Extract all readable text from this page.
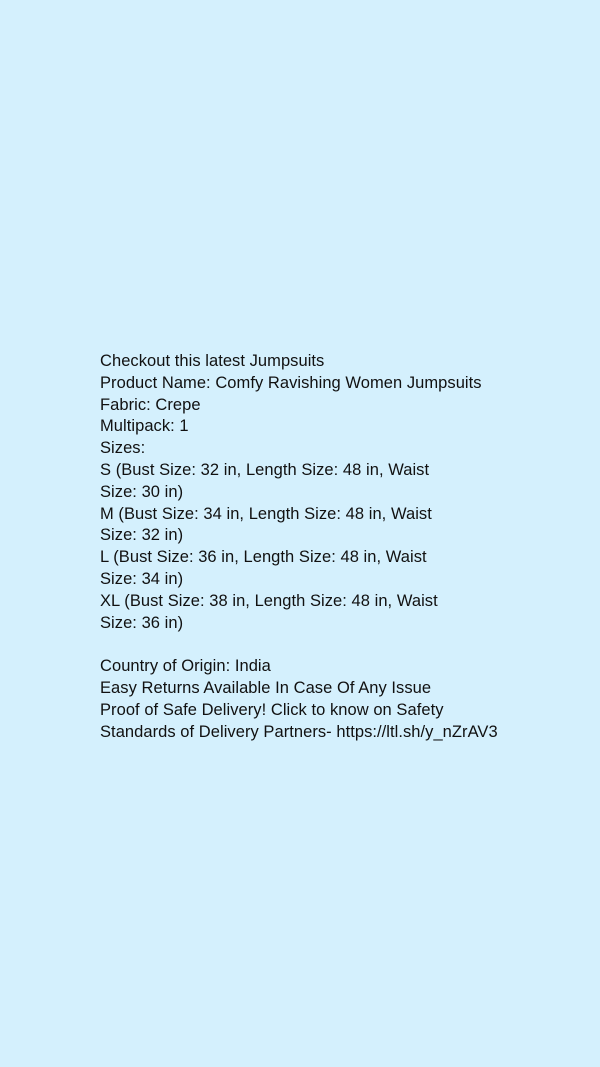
Checkout this latest Jumpsuits
Product Name: Comfy Ravishing Women Jumpsuits
Fabric: Crepe
Multipack: 1
Sizes:
S (Bust Size: 32 in, Length Size: 48 in, Waist
Size: 30 in)
M (Bust Size: 34 in, Length Size: 48 in, Waist
Size: 32 in)
L (Bust Size: 36 in, Length Size: 48 in, Waist
Size: 34 in)
XL (Bust Size: 38 in, Length Size: 48 in, Waist
Size: 36 in)
Country of Origin: India
Easy Returns Available In Case Of Any Issue
Proof of Safe Delivery! Click to know on Safety
Standards of Delivery Partners- https://ltl.sh/y_nZrAV3
